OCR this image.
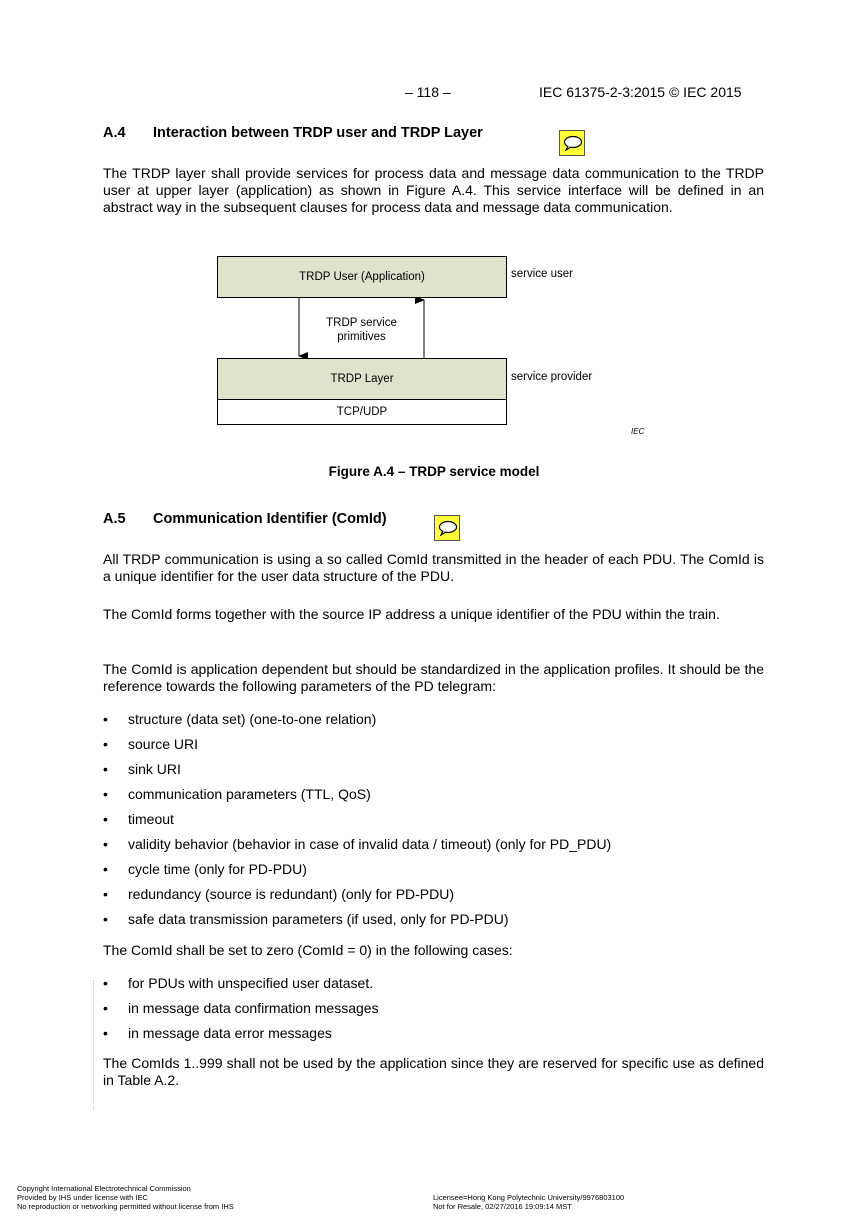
– 118 –	IEC 61375-2-3:2015 © IEC 2015
A.4 Interaction between TRDP user and TRDP Layer

The TRDP layer shall provide services for process data and message data communication to the TRDP user at upper layer (application) as shown in Figure A.4. This service interface will be defined in an abstract way in the subsequent clauses for process data and message data communication.

TRDP User (Application)
TRDP service
primitives
TRDP Layer
TCP/UDP
service user
service provider
IEC
Figure A.4 – TRDP service model
A.5 Communication Identifier (ComId)

All TRDP communication is using a so called ComId transmitted in the header of each PDU. The ComId is a unique identifier for the user data structure of the PDU.

The ComId forms together with the source IP address a unique identifier of the PDU within the train.

The ComId is application dependent but should be standardized in the application profiles. It should be the reference towards the following parameters of the PD telegram:

• structure (data set) (one-to-one relation)
• source URI
• sink URI
• communication parameters (TTL, QoS)
• timeout
• validity behavior (behavior in case of invalid data / timeout) (only for PD_PDU)
• cycle time (only for PD-PDU)
• redundancy (source is redundant) (only for PD-PDU)
• safe data transmission parameters (if used, only for PD-PDU)

The ComId shall be set to zero (ComId = 0) in the following cases:

• for PDUs with unspecified user dataset.
• in message data confirmation messages
• in message data error messages

The ComIds 1..999 shall not be used by the application since they are reserved for specific use as defined in Table A.2.

Copyright International Electrotechnical Commission
Provided by IHS under license with IEC
No reproduction or networking permitted without license from IHS
Licensee=Hong Kong Polytechnic University/9976803100
Not for Resale, 02/27/2016 19:09:14 MST
